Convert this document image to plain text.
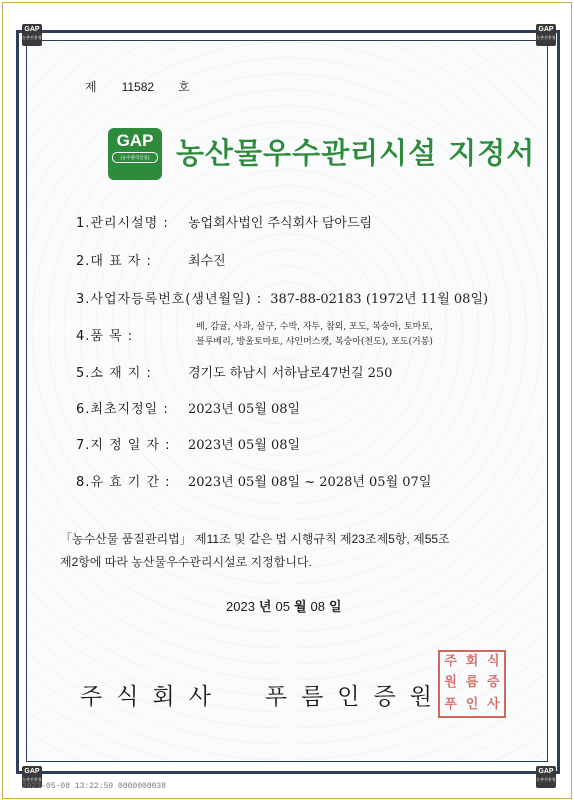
GAP
농촌진흥청
GAP
농촌진흥청
GAP
농촌진흥청
GAP
농촌진흥청
제 11582 호
GAP
(농수관리인증)
농림축산식품부
농산물우수관리시설 지정서
1.관리시설명 : 농업회사법인 주식회사 담아드림
2.대 표 자 :	최수진
3.사업자등록번호(생년월일) : 387-88-02183 (1972년 11월 08일)
4.품 목 :
배, 감귤, 사과, 살구, 수박, 자두, 참외, 포도, 복숭아, 토마토,
블루베리, 방울토마토, 샤인머스캣, 복숭아(천도), 포도(거봉)
5.소 재 지 :	경기도 하남시 서하남로47번길 250
6.최초지정일 : 2023년 05월 08일
7.지 정 일 자 : 2023년 05월 08일
8.유 효 기 간 : 2023년 05월 08일 ~ 2028년 05월 07일
「농수산물 품질관리법」 제11조 및 같은 법 시행규칙 제23조제5항, 제55조
제2항에 따라 농산물우수관리시설로 지정합니다.
2023 년 05 월 08 일
주식회사 푸름인증원
주 회 식
원 름 증
푸 인 사
2023-05-08 13:22:59 0000000038
